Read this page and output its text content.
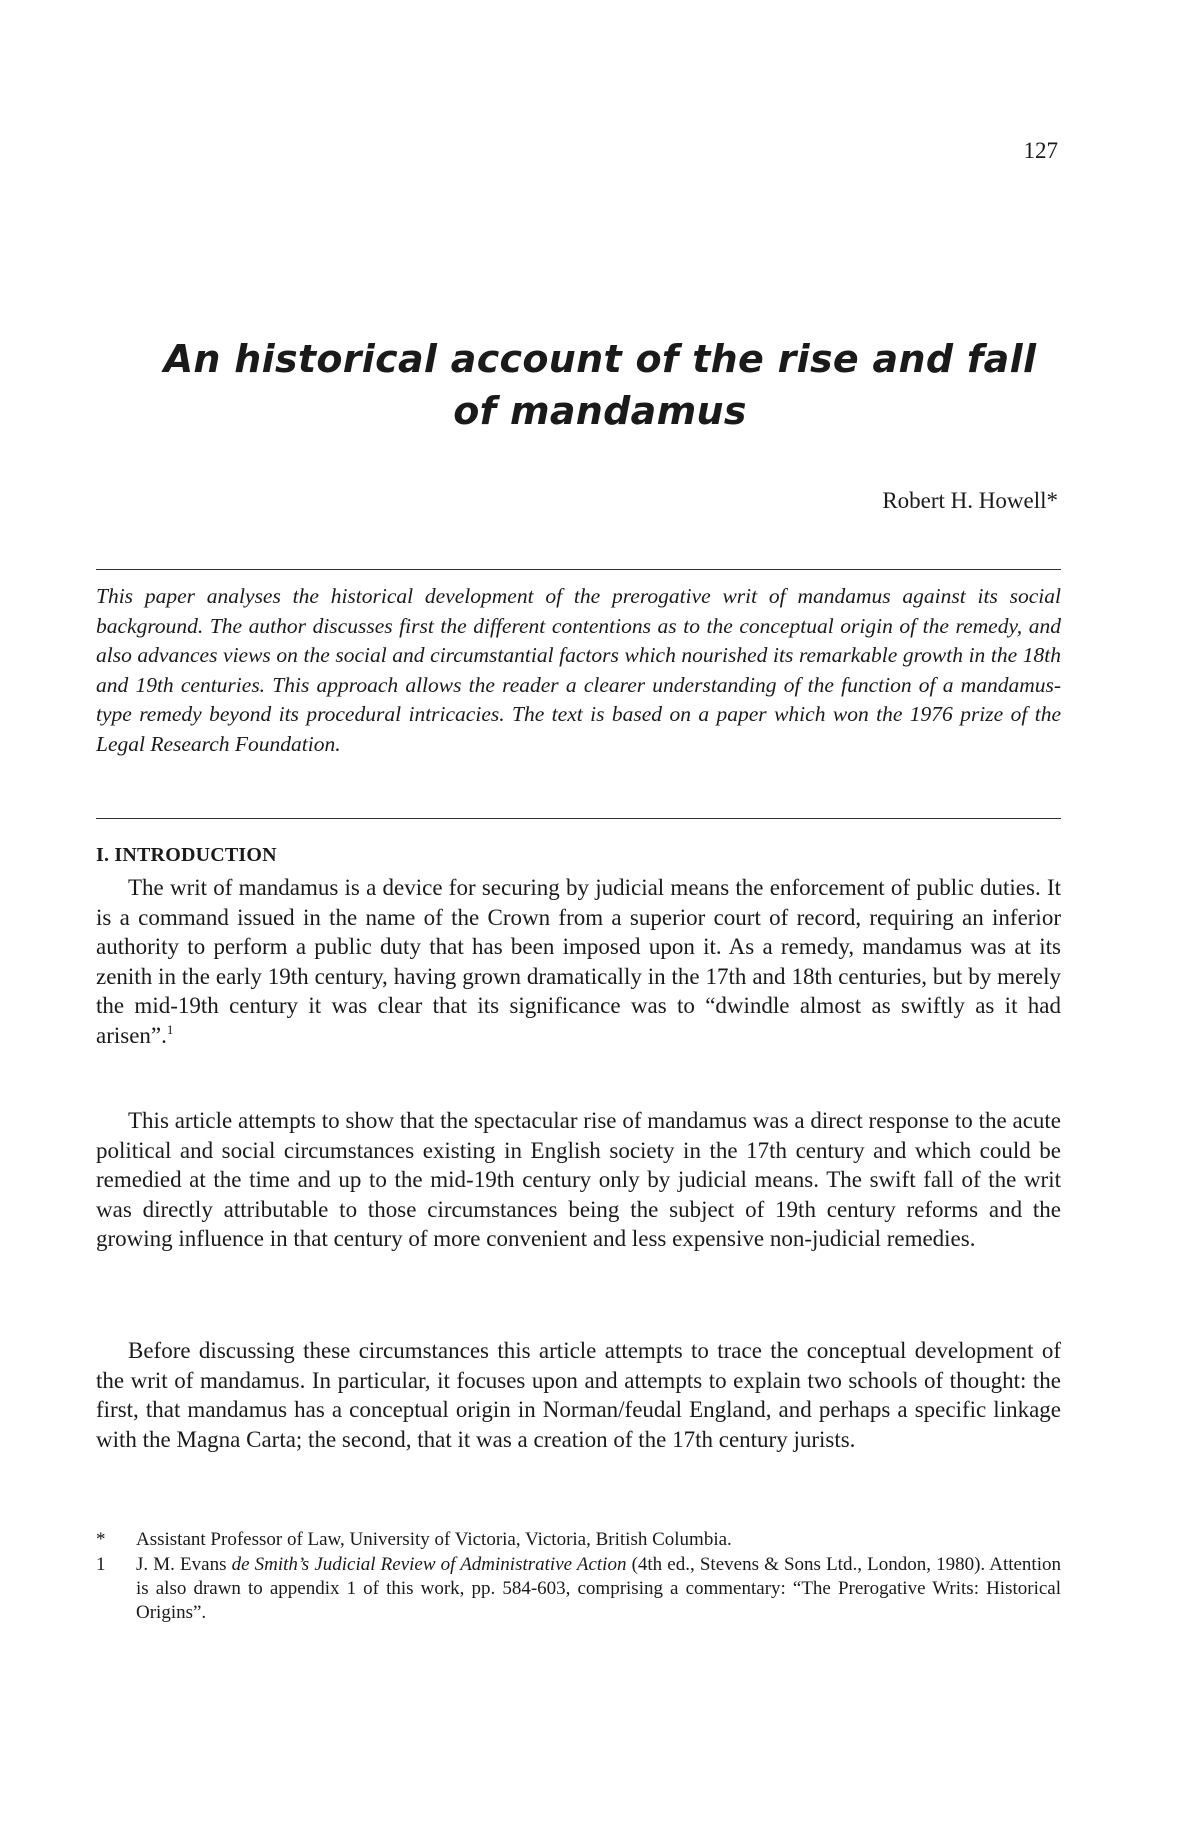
127
An historical account of the rise and fall
of mandamus
Robert H. Howell*

This paper analyses the historical development of the prerogative writ of mandamus against its social background. The author discusses first the different contentions as to the conceptual origin of the remedy, and also advances views on the social and circumstantial factors which nourished its remarkable growth in the 18th and 19th centuries. This approach allows the reader a clearer understanding of the function of a mandamus-type remedy beyond its procedural intricacies. The text is based on a paper which won the 1976 prize of the Legal Research Foundation.

I. INTRODUCTION

The writ of mandamus is a device for securing by judicial means the enforcement of public duties. It is a command issued in the name of the Crown from a superior court of record, requiring an inferior authority to perform a public duty that has been imposed upon it. As a remedy, mandamus was at its zenith in the early 19th century, having grown dramatically in the 17th and 18th centuries, but by merely the mid-19th century it was clear that its significance was to “dwindle almost as swiftly as it had arisen”.$^1$

This article attempts to show that the spectacular rise of mandamus was a direct response to the acute political and social circumstances existing in English society in the 17th century and which could be remedied at the time and up to the mid-19th century only by judicial means. The swift fall of the writ was directly attributable to those circumstances being the subject of 19th century reforms and the growing influence in that century of more convenient and less expensive non-judicial remedies.

Before discussing these circumstances this article attempts to trace the conceptual development of the writ of mandamus. In particular, it focuses upon and attempts to explain two schools of thought: the first, that mandamus has a conceptual origin in Norman/feudal England, and perhaps a specific linkage with the Magna Carta; the second, that it was a creation of the 17th century jurists.

*	Assistant Professor of Law, University of Victoria, Victoria, British Columbia.
1	J. M. Evans de Smith’s Judicial Review of Administrative Action (4th ed., Stevens & Sons Ltd., London, 1980). Attention is also drawn to appendix 1 of this work, pp. 584-603, comprising a commentary: “The Prerogative Writs: Historical Origins”.
